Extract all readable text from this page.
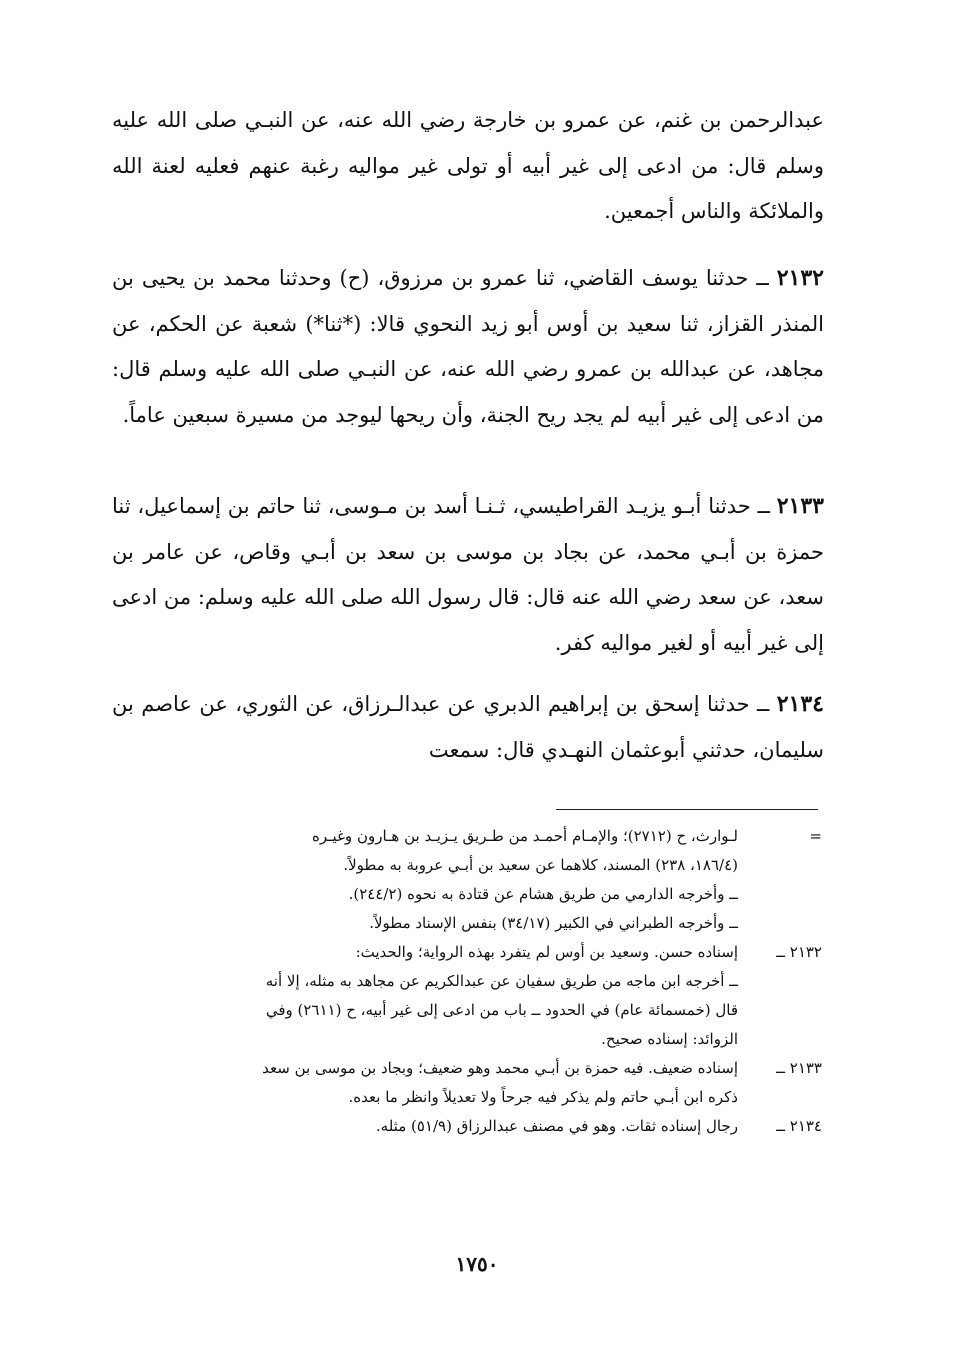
عبدالرحمن بن غنم، عن عمرو بن خارجة رضي الله عنه، عن النبـي صلى الله عليه وسلم قال: من ادعى إلى غير أبيه أو تولى غير مواليه رغبة عنهم فعليه لعنة الله والملائكة والناس أجمعين.

٢١٣٢ ــ حدثنا يوسف القاضي، ثنا عمرو بن مرزوق، (ح) وحدثنا محمد بن يحيى بن المنذر القزاز، ثنا سعيد بن أوس أبو زيد النحوي قالا: (*ثنا*) شعبة عن الحكم، عن مجاهد، عن عبدالله بن عمرو رضي الله عنه، عن النبـي صلى الله عليه وسلم قال: من ادعى إلى غير أبيه لم يجد ريح الجنة، وأن ريحها ليوجد من مسيرة سبعين عاماً.

٢١٣٣ ــ حدثنا أبـو يزيـد القراطيسي، ثـنـا أسد بن مـوسى، ثنا حاتم بن إسماعيل، ثنا حمزة بن أبـي محمد، عن بجاد بن موسى بن سعد بن أبـي وقاص، عن عامر بن سعد، عن سعد رضي الله عنه قال: قال رسول الله صلى الله عليه وسلم: من ادعى إلى غير أبيه أو لغير مواليه كفر.

٢١٣٤ ــ حدثنا إسحق بن إبراهيم الدبري عن عبدالـرزاق، عن الثوري، عن عاصم بن سليمان، حدثني أبوعثمان النهـدي قال: سمعت

=
لـوارث، ح (٢٧١٢)؛ والإمـام أحمـد من طـريق يـزيـد بن هـارون وغيـره
(١٨٦/٤، ٢٣٨) المسند، كلاهما عن سعيد بن أبـي عروبة به مطولاً.
ــ وأخرجه الدارمي من طريق هشام عن قتادة به نحوه (٢٤٤/٢).
ــ وأخرجه الطبراني في الكبير (٣٤/١٧) بنفس الإسناد مطولاً.
٢١٣٢ ــ
إسناده حسن. وسعيد بن أوس لم يتفرد بهذه الرواية؛ والحديث:
ــ أخرجه ابن ماجه من طريق سفيان عن عبدالكريم عن مجاهد به مثله، إلا أنه
قال (خمسمائة عام) في الحدود ــ باب من ادعى إلى غير أبيه، ح (٢٦١١) وفي
الزوائد: إسناده صحيح.
٢١٣٣ ــ
إسناده ضعيف. فيه حمزة بن أبـي محمد وهو ضعيف؛ وبجاد بن موسى بن سعد
ذكره ابن أبـي حاتم ولم يذكر فيه جرحاً ولا تعديلاً وانظر ما بعده.
٢١٣٤ ــ
رجال إسناده ثقات. وهو في مصنف عبدالرزاق (٥١/٩) مثله.
١٧٥٠
